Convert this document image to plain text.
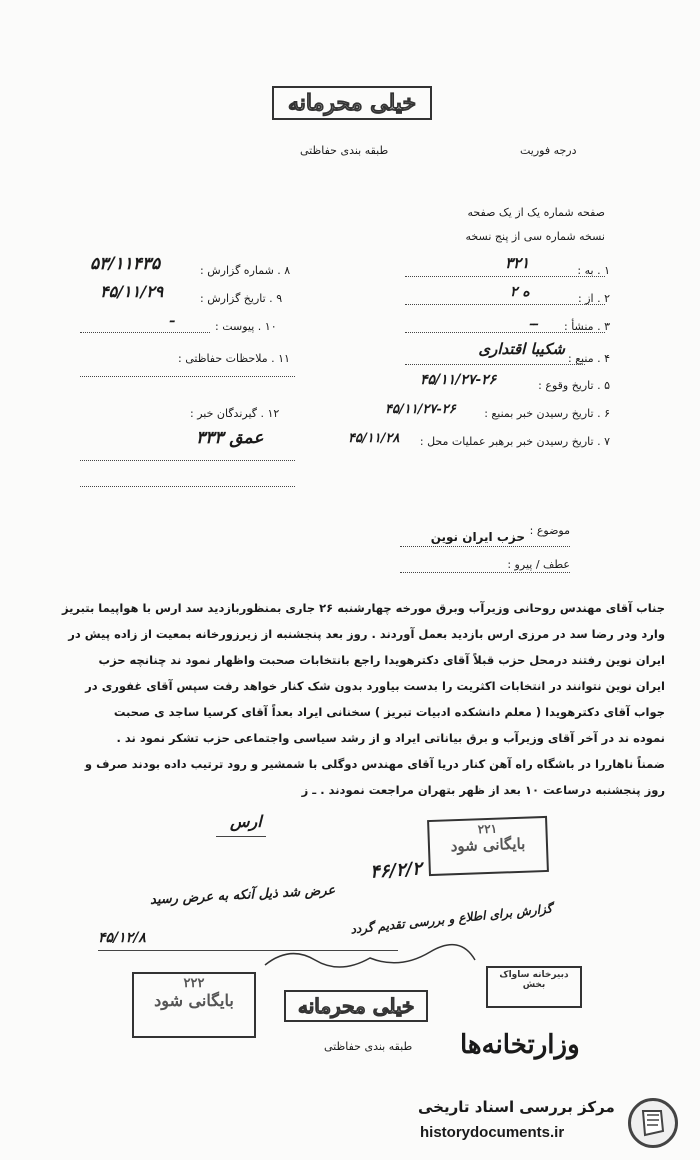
خیلی محرمانه
طبقه بندی حفاظتی	درجه فوریت
صفحه شماره یک از یک صفحه
نسخه شماره سی از پنج نسخه
۱ . به :
۳۲۱
۲ . از :
۲ ه
۳ . منشأ :
ــ
۴ . منبع :
شکیبا اقتداری
۵ . تاریخ وقوع :
۴۵/۱۱/۲۷-۲۶
۶ . تاریخ رسیدن خبر بمنبع :
۴۵/۱۱/۲۷-۲۶
۷ . تاریخ رسیدن خبر برهبر عملیات محل :
۴۵/۱۱/۲۸
۸ . شماره گزارش :
۵۳/۱۱۴۳۵
۹ . تاریخ گزارش :
۴۵/۱۱/۲۹
۱۰ . پیوست :
ـ
۱۱ . ملاحظات حفاظتی :
۱۲ . گیرندگان خبر :
عمق ۳۳۳
موضوع :
حزب ایران نوین
عطف / پیرو :
جناب آقای مهندس روحانی وزیرآب وبرق مورخه چهارشنبه ۲۶ جاری بمنظوربازدید سد ارس با هواپیما بتبریز
وارد ودر رضا سد در مرزی ارس بازدید بعمل آوردند . روز بعد پنجشنبه از زیرزورخانه بمعیت از زاده پیش در
ایران نوین رفتند درمحل حزب قبلاً آقای دکترهویدا راجع بانتخابات صحبت واظهار نمود ند چنانچه حزب
ایران نوین نتوانند در انتخابات اکثریت را بدست بیاورد بدون شک کنار خواهد رفت سپس آقای غفوری در
جواب آقای دکترهویدا ( معلم دانشکده ادبیات تبریز ) سخنانی ایراد بعداً آقای کرسیا ساجد ی صحبت
نموده ند در آخر آقای وزیرآب و برق بیاناتی ایراد و از رشد سیاسی واجتماعی حزب تشکر نمود ند .
ضمناً ناهاررا در باشگاه راه آهن کنار دریا آقای مهندس دوگلی با شمشیر و رود ترتیب داده بودند صرف و
روز پنجشنبه درساعت ۱۰ بعد از ظهر بتهران مراجعت نمودند . ـ ز
ارس	۲۲۱
بایگانی شود
۴۶/۲/۲
عرض شد ذیل آنکه به عرض رسید
گزارش برای اطلاع و بررسی تقدیم گردد
۴۵/۱۲/۸
۲۲۲
بایگانی شود	خیلی محرمانه
طبقه بندی حفاظتی
دبیرخانه ساواک
بخش
وزارتخانه‌ها
مرکز بررسی اسناد تاریخی
historydocuments.ir
